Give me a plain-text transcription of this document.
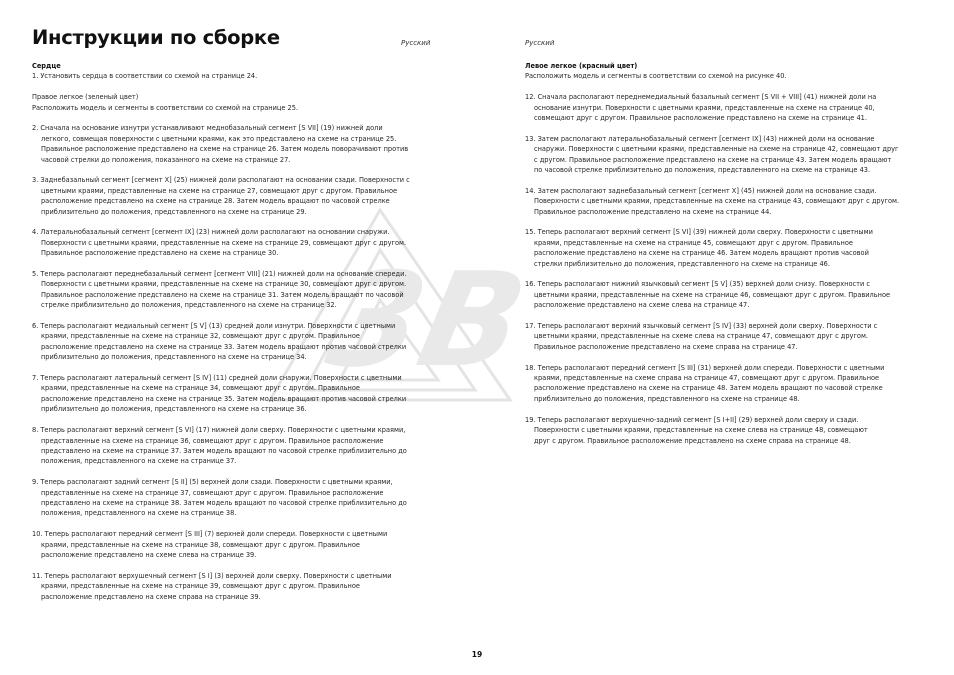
3B
Инструкции по сборке	Русский	Русский

Сердце

1. Установить сердца в соответствии со схемой на странице 24.

Правое легкое (зеленый цвет)

Расположить модель и сегменты в соответствии со схемой на странице 25.

2. Сначала на основание изнутри устанавливают меднобазальный сегмент [S VII] (19) нижней доли
легкого, совмещая поверхности с цветными краями, как это представлено на схеме на странице 25.
Правильное расположение представлено на схеме на странице 26. Затем модель поворачивают против
часовой стрелки до положения, показанного на схеме на странице 27.

3. Заднебазальный сегмент [сегмент X] (25) нижней доли располагают на основании сзади. Поверхности с
цветными краями, представленные на схеме на странице 27, совмещают друг с другом. Правильное
расположение представлено на схеме на странице 28. Затем модель вращают по часовой стрелке
приблизительно до положения, представленного на схеме на странице 29.

4. Латеральнобазальный сегмент [сегмент IX] (23) нижней доли располагают на основании снаружи.
Поверхности с цветными краями, представленные на схеме на странице 29, совмещают друг с другом.
Правильное расположение представлено на схеме на странице 30.

5. Теперь располагают переднебазальный сегмент [сегмент VIII] (21) нижней доли на основание спереди.
Поверхности с цветными краями, представленные на схеме на странице 30, совмещают друг с другом.
Правильное расположение представлено на схеме на странице 31. Затем модель вращают по часовой
стрелке приблизительно до положения, представленного на схеме на странице 32.

6. Теперь располагают медиальный сегмент [S V] (13) средней доли изнутри. Поверхности с цветными
краями, представленные на схеме на странице 32, совмещают друг с другом. Правильное
расположение представлено на схеме на странице 33. Затем модель вращают против часовой стрелки
приблизительно до положения, представленного на схеме на странице 34.

7. Теперь располагают латеральный сегмент [S IV] (11) средней доли снаружи. Поверхности с цветными
краями, представленные на схеме на странице 34, совмещают друг с другом. Правильное
расположение представлено на схеме на странице 35. Затем модель вращают против часовой стрелки
приблизительно до положения, представленного на схеме на странице 36.

8. Теперь располагают верхний сегмент [S VI] (17) нижней доли сверху. Поверхности с цветными краями,
представленные на схеме на странице 36, совмещают друг с другом. Правильное расположение
представлено на схеме на странице 37. Затем модель вращают по часовой стрелке приблизительно до
положения, представленного на схеме на странице 37.

9. Теперь располагают задний сегмент [S II] (5) верхней доли сзади. Поверхности с цветными краями,
представленные на схеме на странице 37, совмещают друг с другом. Правильное расположение
представлено на схеме на странице 38. Затем модель вращают по часовой стрелке приблизительно до
положения, представленного на схеме на странице 38.

10. Теперь располагают передний сегмент [S III] (7) верхней доли спереди. Поверхности с цветными
краями, представленные на схеме на странице 38, совмещают друг с другом. Правильное
расположение представлено на схеме слева на странице 39.

11. Теперь располагают верхушечный сегмент [S I] (3) верхней доли сверху. Поверхности с цветными
краями, представленные на схеме на странице 39, совмещают друг с другом. Правильное
расположение представлено на схеме справа на странице 39.

Левое легкое (красный цвет)

Расположить модель и сегменты в соответствии со схемой на рисунке 40.

12. Сначала располагают переднемедиальный базальный сегмент [S VII + VIII] (41) нижней доли на
основание изнутри. Поверхности с цветными краями, представленные на схеме на странице 40,
совмещают друг с другом. Правильное расположение представлено на схеме на странице 41.

13. Затем располагают латеральнобазальный сегмент [сегмент IX] (43) нижней доли на основание
снаружи. Поверхности с цветными краями, представленные на схеме на странице 42, совмещают друг
с другом. Правильное расположение представлено на схеме на странице 43. Затем модель вращают
по часовой стрелке приблизительно до положения, представленного на схеме на странице 43.

14. Затем располагают заднебазальный сегмент [сегмент X] (45) нижней доли на основание сзади.
Поверхности с цветными краями, представленные на схеме на странице 43, совмещают друг с другом.
Правильное расположение представлено на схеме на странице 44.

15. Теперь располагают верхний сегмент [S VI] (39) нижней доли сверху. Поверхности с цветными
краями, представленные на схеме на странице 45, совмещают друг с другом. Правильное
расположение представлено на схеме на странице 46. Затем модель вращают против часовой
стрелки приблизительно до положения, представленного на схеме на странице 46.

16. Теперь располагают нижний язычковый сегмент [S V] (35) верхней доли снизу. Поверхности с
цветными краями, представленные на схеме на странице 46, совмещают друг с другом. Правильное
расположение представлено на схеме слева на странице 47.

17. Теперь располагают верхний язычковый сегмент [S IV] (33) верхней доли сверху. Поверхности с
цветными краями, представленные на схеме слева на странице 47, совмещают друг с другом.
Правильное расположение представлено на схеме справа на странице 47.

18. Теперь располагают передний сегмент [S III] (31) верхней доли спереди. Поверхности с цветными
краями, представленные на схеме справа на странице 47, совмещают друг с другом. Правильное
расположение представлено на схеме на странице 48. Затем модель вращают по часовой стрелке
приблизительно до положения, представленного на схеме на странице 48.

19. Теперь располагают верхушечно-задний сегмент [S I+II] (29) верхней доли сверху и сзади.
Поверхности с цветными краями, представленные на схеме слева на странице 48, совмещают
друг с другом. Правильное расположение представлено на схеме справа на странице 48.

19
